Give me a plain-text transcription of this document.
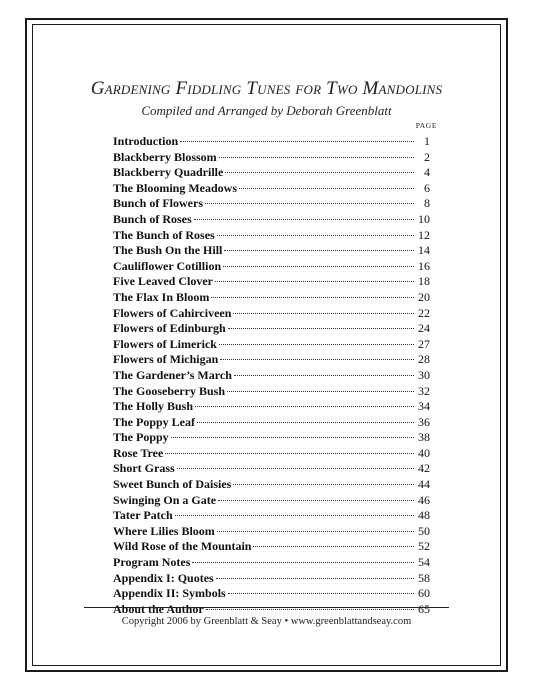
Gardening Fiddling Tunes for Two Mandolins
Compiled and Arranged by Deborah Greenblatt
PAGE
Introduction	1
Blackberry Blossom	2
Blackberry Quadrille	4
The Blooming Meadows	6
Bunch of Flowers	8
Bunch of Roses	10
The Bunch of Roses	12
The Bush On the Hill	14
Cauliflower Cotillion	16
Five Leaved Clover	18
The Flax In Bloom	20
Flowers of Cahirciveen	22
Flowers of Edinburgh	24
Flowers of Limerick	27
Flowers of Michigan	28
The Gardener’s March	30
The Gooseberry Bush	32
The Holly Bush	34
The Poppy Leaf	36
The Poppy	38
Rose Tree	40
Short Grass	42
Sweet Bunch of Daisies	44
Swinging On a Gate	46
Tater Patch	48
Where Lilies Bloom	50
Wild Rose of the Mountain	52
Program Notes	54
Appendix I: Quotes	58
Appendix II: Symbols	60
About the Author	65
Copyright 2006 by Greenblatt & Seay • www.greenblattandseay.com
